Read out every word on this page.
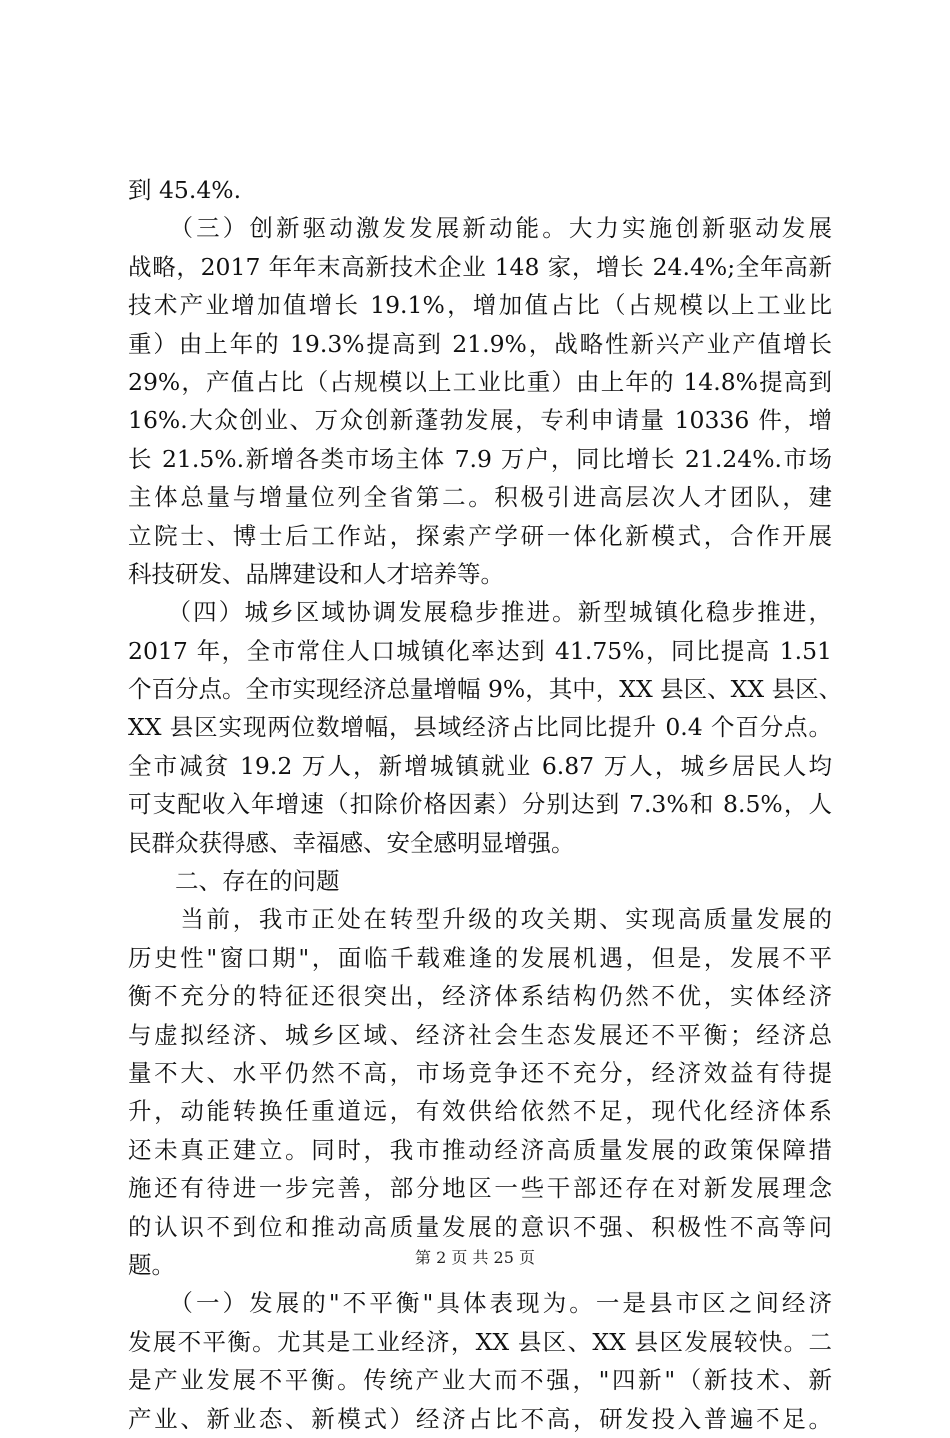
到 45.4%.
　　（三）创新驱动激发发展新动能。大力实施创新驱动发展
战略，2017 年年末高新技术企业 148 家，增长 24.4%;全年高新
技术产业增加值增长 19.1%，增加值占比（占规模以上工业比
重）由上年的 19.3%提高到 21.9%，战略性新兴产业产值增长
29%，产值占比（占规模以上工业比重）由上年的 14.8%提高到
16%.大众创业、万众创新蓬勃发展，专利申请量 10336 件，增
长 21.5%.新增各类市场主体 7.9 万户，同比增长 21.24%.市场
主体总量与增量位列全省第二。积极引进高层次人才团队，建
立院士、博士后工作站，探索产学研一体化新模式，合作开展
科技研发、品牌建设和人才培养等。
　　（四）城乡区域协调发展稳步推进。新型城镇化稳步推进，
2017 年，全市常住人口城镇化率达到 41.75%，同比提高 1.51
个百分点。全市实现经济总量增幅 9%，其中，XX 县区、XX 县区、
XX 县区实现两位数增幅，县域经济占比同比提升 0.4 个百分点。
全市减贫 19.2 万人，新增城镇就业 6.87 万人，城乡居民人均
可支配收入年增速（扣除价格因素）分别达到 7.3%和 8.5%，人
民群众获得感、幸福感、安全感明显增强。
　　二、存在的问题
　　当前，我市正处在转型升级的攻关期、实现高质量发展的
历史性"窗口期"，面临千载难逢的发展机遇，但是，发展不平
衡不充分的特征还很突出，经济体系结构仍然不优，实体经济
与虚拟经济、城乡区域、经济社会生态发展还不平衡；经济总
量不大、水平仍然不高，市场竞争还不充分，经济效益有待提
升，动能转换任重道远，有效供给依然不足，现代化经济体系
还未真正建立。同时，我市推动经济高质量发展的政策保障措
施还有待进一步完善，部分地区一些干部还存在对新发展理念
的认识不到位和推动高质量发展的意识不强、积极性不高等问
题。
　　（一）发展的"不平衡"具体表现为。一是县市区之间经济
发展不平衡。尤其是工业经济，XX 县区、XX 县区发展较快。二
是产业发展不平衡。传统产业大而不强，"四新"（新技术、新
产业、新业态、新模式）经济占比不高，研发投入普遍不足。
第 2 页 共 25 页
